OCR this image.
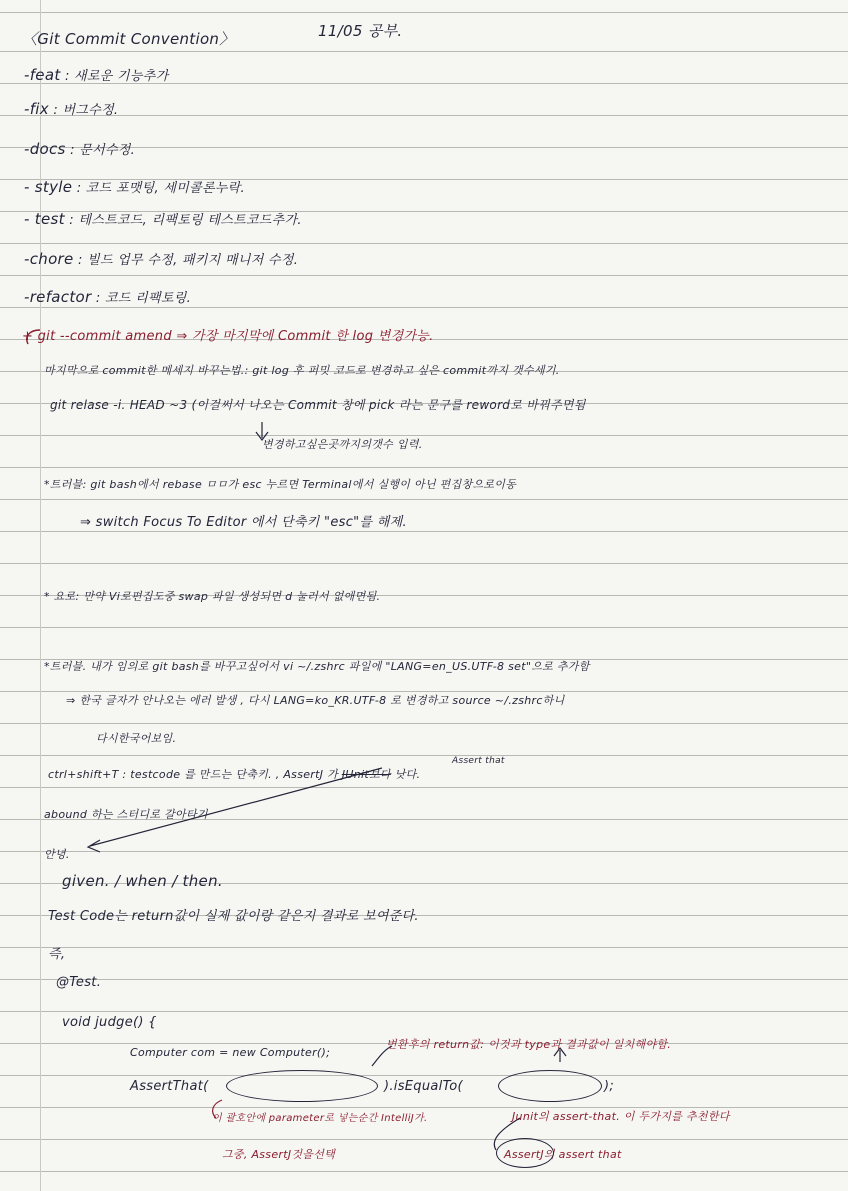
〈Git Commit Convention〉	11/05 공부.
-feat : 새로운 기능추가
-fix : 버그수정.
-docs : 문서수정.
- style : 코드 포맷팅, 세미콜론누락.
- test : 테스트코드, 리팩토링 테스트코드추가.
-chore : 빌드 업무 수정, 패키지 매니저 수정.
-refactor : 코드 리팩토링.
+ git --commit amend ⇒ 가장 마지막에 Commit 한 log 변경가능.
마지막으로 commit한 메세지 바꾸는법.: git log 후 퍼밋 코드로 변경하고 싶은 commit까지 갯수세기.
git relase -i. HEAD ~3 (이걸써서 나오는 Commit 창에 pick 라는 문구를 reword로 바꿔주면됨
변경하고싶은곳까지의갯수 입력.
*트러블: git bash에서 rebase ㅁㅁ가 esc 누르면 Terminal에서 실행이 아닌 편집창으로이동
⇒ switch Focus To Editor 에서 단축키 "esc"를 해제.
* 요로: 만약 Vi로편집도중 swap 파일 생성되면 d 눌러서 없애면됨.
*트러블. 내가 임의로 git bash를 바꾸고싶어서 vi ~/.zshrc 파일에 "LANG=en_US.UTF-8 set"으로 추가함
⇒ 한국 글자가 안나오는 에러 발생 , 다시 LANG=ko_KR.UTF-8 로 변경하고 source ~/.zshrc하니
다시한국어보임.
Assert that
ctrl+shift+T : testcode 를 만드는 단축키. , AssertJ 가 JUnit보다 낫다.
abound 하는 스터디로 갈아타기
안녕.
given. / when / then.
Test Code는 return값이 실제 값이랑 같은지 결과로 보여준다.
즉,
@Test.
void judge() {
Computer com = new Computer();
변환후의 return값: 이것과 type과 결과값이 일치해야함.
AssertThat(	).isEqualTo(	);
이 괄호안에 parameter로 넣는순간 IntelliJ가.	Junit의 assert-that. 이 두가지를 추천한다
그중, AssertJ것을선택	AssertJ의 assert that
